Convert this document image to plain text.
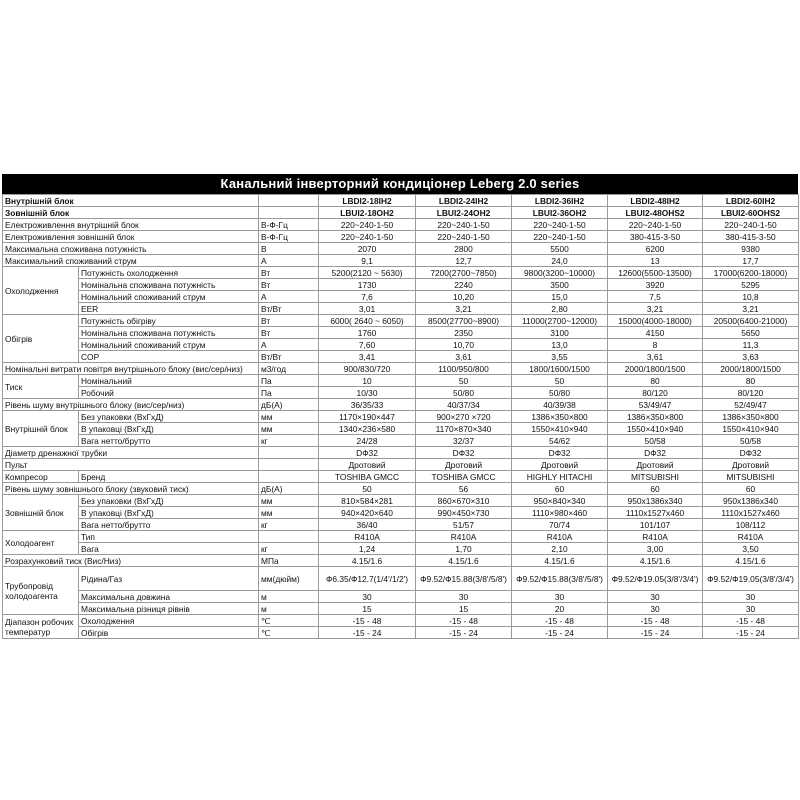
Канальний інверторний кондиціонер Leberg 2.0 series
Внутрішній блок			LBDI2-18IH2	LBDI2-24IH2	LBDI2-36IH2	LBDI2-48IH2	LBDI2-60IH2
Зовнішній блок			LBUI2-18OH2	LBUI2-24OH2	LBUI2-36OH2	LBUI2-48OHS2	LBUI2-60OHS2
Електроживлення внутрішній блок		В-Ф-Гц	220~240-1-50	220~240-1-50	220~240-1-50	220~240-1-50	220~240-1-50
Електроживлення зовнішній блок		В-Ф-Гц	220~240-1-50	220~240-1-50	220~240-1-50	380-415-3-50	380-415-3-50
Максимальна споживана потужність		В	2070	2800	5500	6200	9380
Максимальний споживаний струм		А	9,1	12,7	24,0	13	17,7
Охолодження	Потужність охолодження	Вт	5200(2120 ~ 5630)	7200(2700~7850)	9800(3200~10000)	12600(5500-13500)	17000(6200-18000)
	Номінальна споживана потужність	Вт	1730	2240	3500	3920	5295
	Номінальний споживаний струм	А	7,6	10,20	15,0	7,5	10,8
	EER	Вт/Вт	3,01	3,21	2,80	3,21	3,21
Обігрів	Потужність обігріву	Вт	6000( 2640 ~ 6050)	8500(27700~8900)	11000(2700~12000)	15000(4000-18000)	20500(6400-21000)
	Номінальна споживана потужність	Вт	1760	2350	3100	4150	5650
	Номінальний споживаний струм	А	7,60	10,70	13,0	8	11,3
	COP	Вт/Вт	3,41	3,61	3,55	3,61	3,63
Номінальні витрати повітря внутрішнього блоку (вис/сер/низ)		м3/год	900/830/720	1100/950/800	1800/1600/1500	2000/1800/1500	2000/1800/1500
Тиск	Номінальний	Па	10	50	50	80	80
	Робочий	Па	10/30	50/80	50/80	80/120	80/120
Рівень шуму внутрішнього блоку (вис/сер/низ)		дБ(А)	36/35/33	40/37/34	40/39/38	53/49/47	52/49/47
Внутрішній блок	Без упаковки (ВхГхД)	мм	1170×190×447	900×270 ×720	1386×350×800	1386×350×800	1386×350×800
	В упаковці (ВхГхД)	мм	1340×236×580	1170×870×340	1550×410×940	1550×410×940	1550×410×940
	Вага нетто/брутто	кг	24/28	32/37	54/62	50/58	50/58
Діаметр дренажної трубки			DФ32	DФ32	DФ32	DФ32	DФ32
Пульт			Дротовий	Дротовий	Дротовий	Дротовий	Дротовий
Компресор	Бренд		TOSHIBA GMCC	TOSHIBA GMCC	HIGHLY HITACHI	MITSUBISHI	MITSUBISHI
Рівень шуму зовнішнього блоку (звуковий тиск)		дБ(А)	50	56	60	60	60
Зовнішній блок	Без упаковки (ВхГхД)	мм	810×584×281	860×670×310	950×840×340	950x1386x340	950x1386x340
	В упаковці (ВхГхД)	мм	940×420×640	990×450×730	1110×980×460	1110x1527x460	1110x1527x460
	Вага нетто/брутто	кг	36/40	51/57	70/74	101/107	108/112
Холодоагент	Тип		R410A	R410A	R410A	R410A	R410A
	Вага	кг	1,24	1,70	2,10	3,00	3,50
Розрахунковий тиск (Вис/Низ)		МПа	4.15/1.6	4.15/1.6	4.15/1.6	4.15/1.6	4.15/1.6
Трубопровід холодоагента	Рідина/Газ	мм(дюйм)	Ф6.35/Ф12.7(1/4'/1/2')	Ф9.52/Ф15.88(3/8'/5/8')	Ф9.52/Ф15.88(3/8'/5/8')	Ф9.52/Ф19.05(3/8'/3/4')	Ф9.52/Ф19.05(3/8'/3/4')
	Максимальна довжина	м	30	30	30	30	30
	Максимальна різниця рівнів	м	15	15	20	30	30
Діапазон робочих температур	Охолодження	℃	-15 - 48	-15 - 48	-15 - 48	-15 - 48	-15 - 48
	Обігрів	℃	-15 - 24	-15 - 24	-15 - 24	-15 - 24	-15 - 24
